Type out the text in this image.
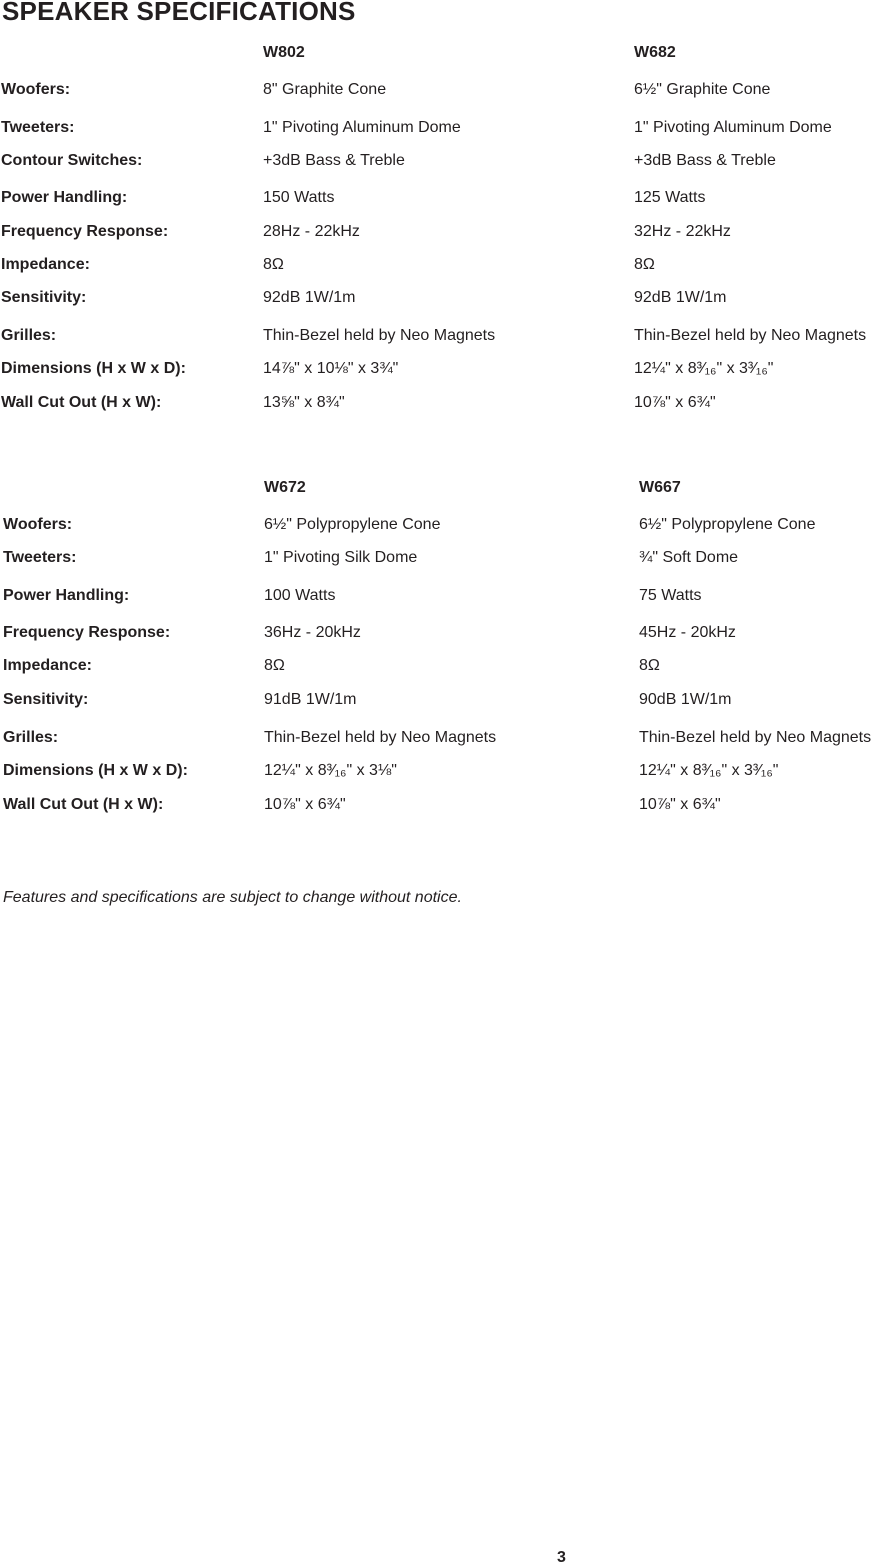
SPEAKER SPECIFICATIONS
W802	W682
Woofers:	8" Graphite Cone	6½" Graphite Cone
Tweeters:	1" Pivoting Aluminum Dome	1" Pivoting Aluminum Dome
Contour Switches:	+3dB Bass & Treble	+3dB Bass & Treble
Power Handling:	150 Watts	125 Watts
Frequency Response:	28Hz - 22kHz	32Hz - 22kHz
Impedance:	8Ω	8Ω
Sensitivity:	92dB 1W/1m	92dB 1W/1m
Grilles:	Thin-Bezel held by Neo Magnets	Thin-Bezel held by Neo Magnets
Dimensions (H x W x D):	14⅞" x 10⅛" x 3¾"	12¼" x 8³⁄₁₆" x 3³⁄₁₆"
Wall Cut Out (H x W):	13⅝" x 8¾"	10⅞" x 6¾"
W672	W667
Woofers:	6½" Polypropylene Cone	6½" Polypropylene Cone
Tweeters:	1" Pivoting Silk Dome	¾" Soft Dome
Power Handling:	100 Watts	75 Watts
Frequency Response:	36Hz - 20kHz	45Hz - 20kHz
Impedance:	8Ω	8Ω
Sensitivity:	91dB 1W/1m	90dB 1W/1m
Grilles:	Thin-Bezel held by Neo Magnets	Thin-Bezel held by Neo Magnets
Dimensions (H x W x D):	12¼" x 8³⁄₁₆" x 3⅛"	12¼" x 8³⁄₁₆" x 3³⁄₁₆"
Wall Cut Out (H x W):	10⅞" x 6¾"	10⅞" x 6¾"
Features and specifications are subject to change without notice.
3
